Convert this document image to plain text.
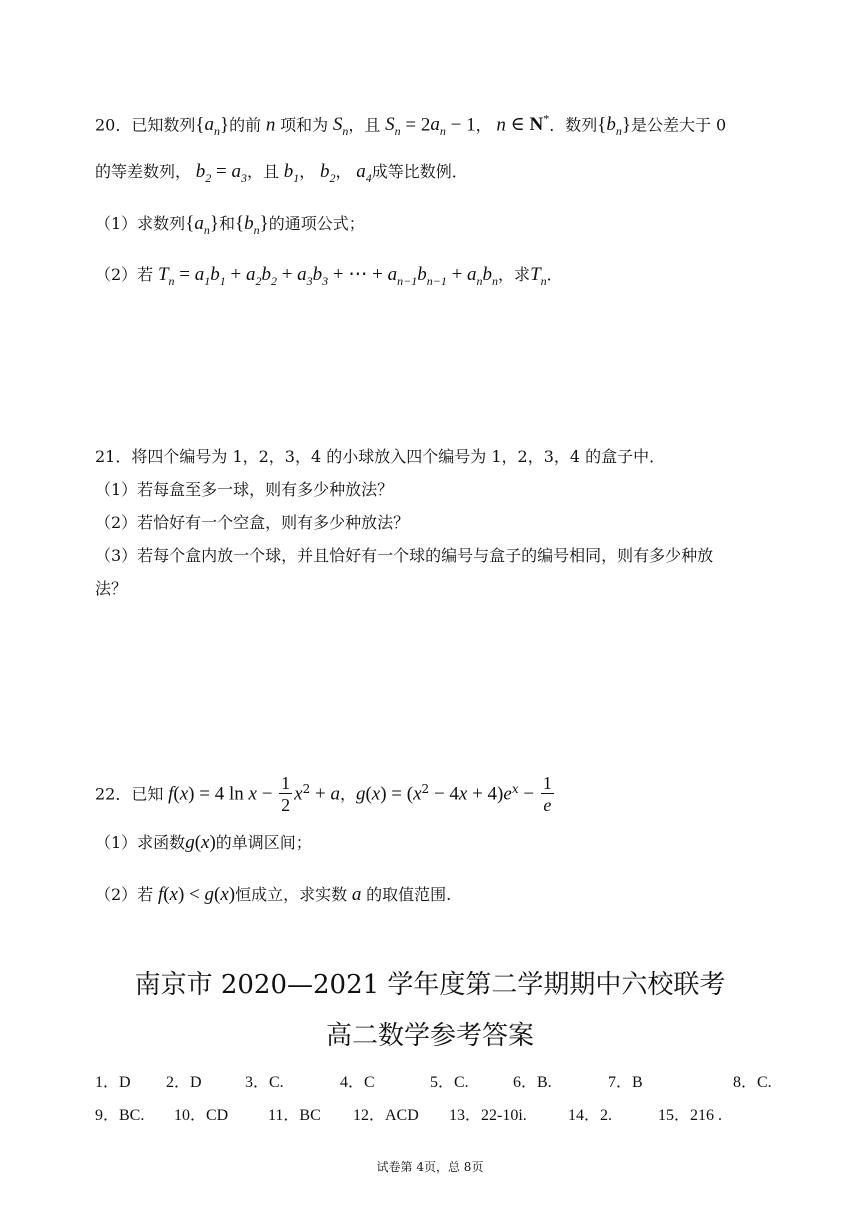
20．已知数列$\{a_n\}$的前 n 项和为 $S_n$，且 $S_n = 2a_n - 1$， n ∈ N*．数列$\{b_n\}$是公差大于 0
的等差数列， $b_2 = a_3$，且 $b_1$， $b_2$， $a_4$成等比数例．
（1）求数列$\{a_n\}$和$\{b_n\}$的通项公式；
（2）若 $T_n = a_1b_1 + a_2b_2 + a_3b_3$ + ⋯ + $a_{n-1}b_{n-1} + a_nb_n$，求$T_n$．
21．将四个编号为 1，2，3，4 的小球放入四个编号为 1，2，3，4 的盒子中．
（1）若每盒至多一球，则有多少种放法？
（2）若恰好有一个空盒，则有多少种放法？
（3）若每个盒内放一个球，并且恰好有一个球的编号与盒子的编号相同，则有多少种放
法？
22．已知 f(x) = 4 $\ln x - \frac{1}{2} x^2 + a$，$g(x) = (x^2 - 4x + 4)e^x - \frac{1}{e}$
（1）求函数g(x)的单调区间；
（2）若 f(x) < g(x)恒成立，求实数 a 的取值范围.
南京市 2020—2021 学年度第二学期期中六校联考
高二数学参考答案
1．D 2．D	3．C.	4．C	5．C.	6．B.	7．B	8．C.
9．BC. 10．CD 11．BC 12．ACD 13．22-10i.	14．2.	15．216 .
试卷第 4页，总 8页
